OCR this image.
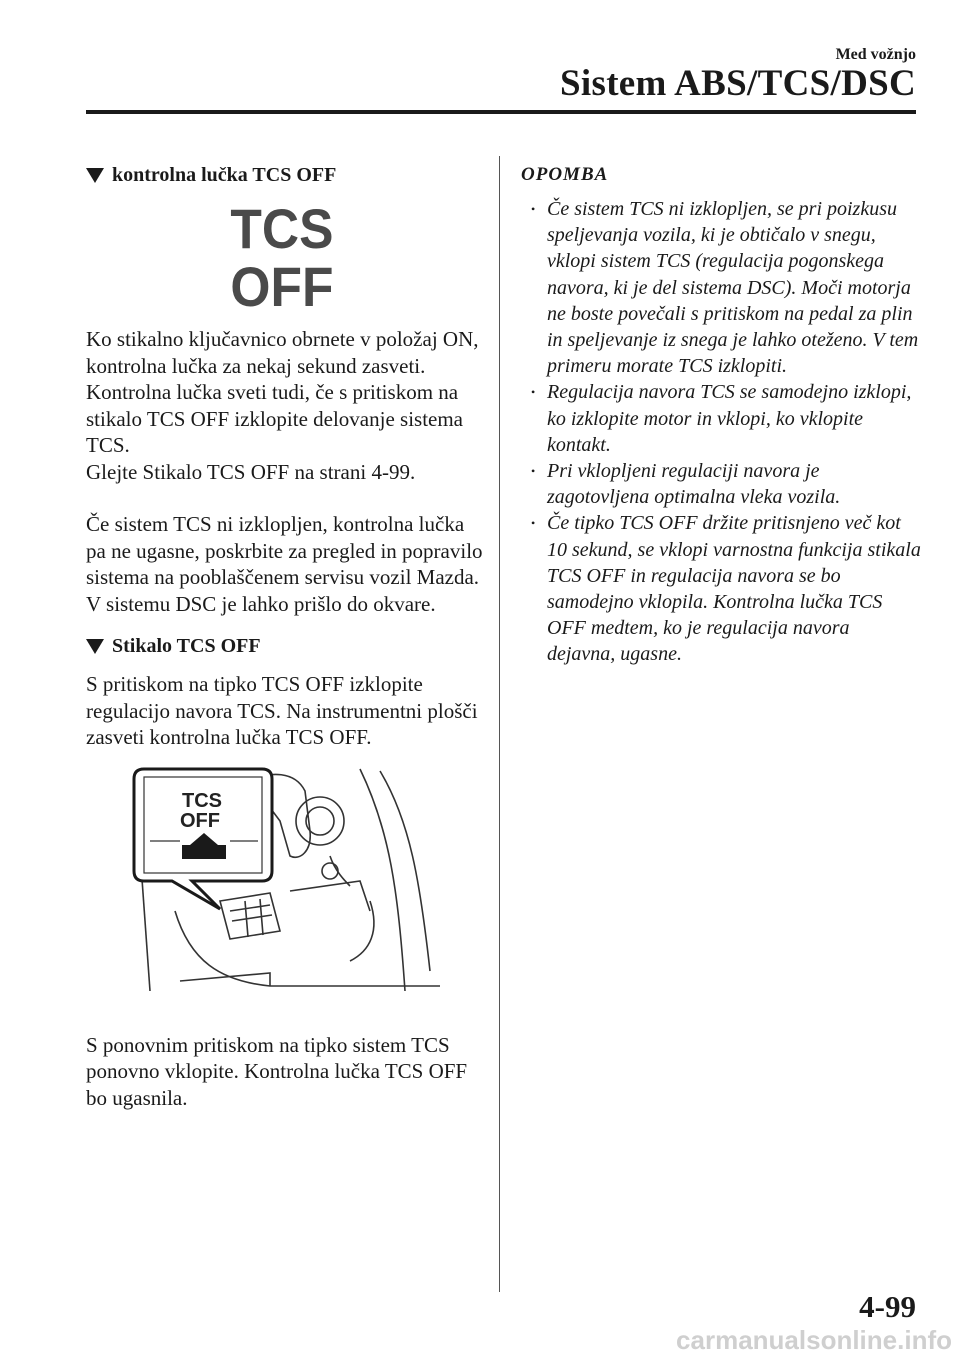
Med vožnjo
Sistem ABS/TCS/DSC
kontrolna lučka TCS OFF
TCS
OFF

Ko stikalno ključavnico obrnete v položaj ON, kontrolna lučka za nekaj sekund zasveti.

Kontrolna lučka sveti tudi, če s pritiskom na stikalo TCS OFF izklopite delovanje sistema TCS.

Glejte Stikalo TCS OFF na strani 4-99.

Če sistem TCS ni izklopljen, kontrolna lučka pa ne ugasne, poskrbite za pregled in popravilo sistema na pooblaščenem servisu vozil Mazda. V sistemu DSC je lahko prišlo do okvare.

Stikalo TCS OFF

S pritiskom na tipko TCS OFF izklopite regulacijo navora TCS. Na instrumentni plošči zasveti kontrolna lučka TCS OFF.

TCS
OFF

S ponovnim pritiskom na tipko sistem TCS ponovno vklopite. Kontrolna lučka TCS OFF bo ugasnila.

OPOMBA
• Če sistem TCS ni izklopljen, se pri poizkusu speljevanja vozila, ki je obtičalo v snegu, vklopi sistem TCS (regulacija pogonskega navora, ki je del sistema DSC). Moči motorja ne boste povečali s pritiskom na pedal za plin in speljevanje iz snega je lahko oteženo. V tem primeru morate TCS izklopiti.
• Regulacija navora TCS se samodejno izklopi, ko izklopite motor in vklopi, ko vklopite kontakt.
• Pri vklopljeni regulaciji navora je zagotovljena optimalna vleka vozila.
• Če tipko TCS OFF držite pritisnjeno več kot 10 sekund, se vklopi varnostna funkcija stikala TCS OFF in regulacija navora se bo samodejno vklopila. Kontrolna lučka TCS OFF medtem, ko je regulacija navora dejavna, ugasne.
4-99
carmanualsonline.info
